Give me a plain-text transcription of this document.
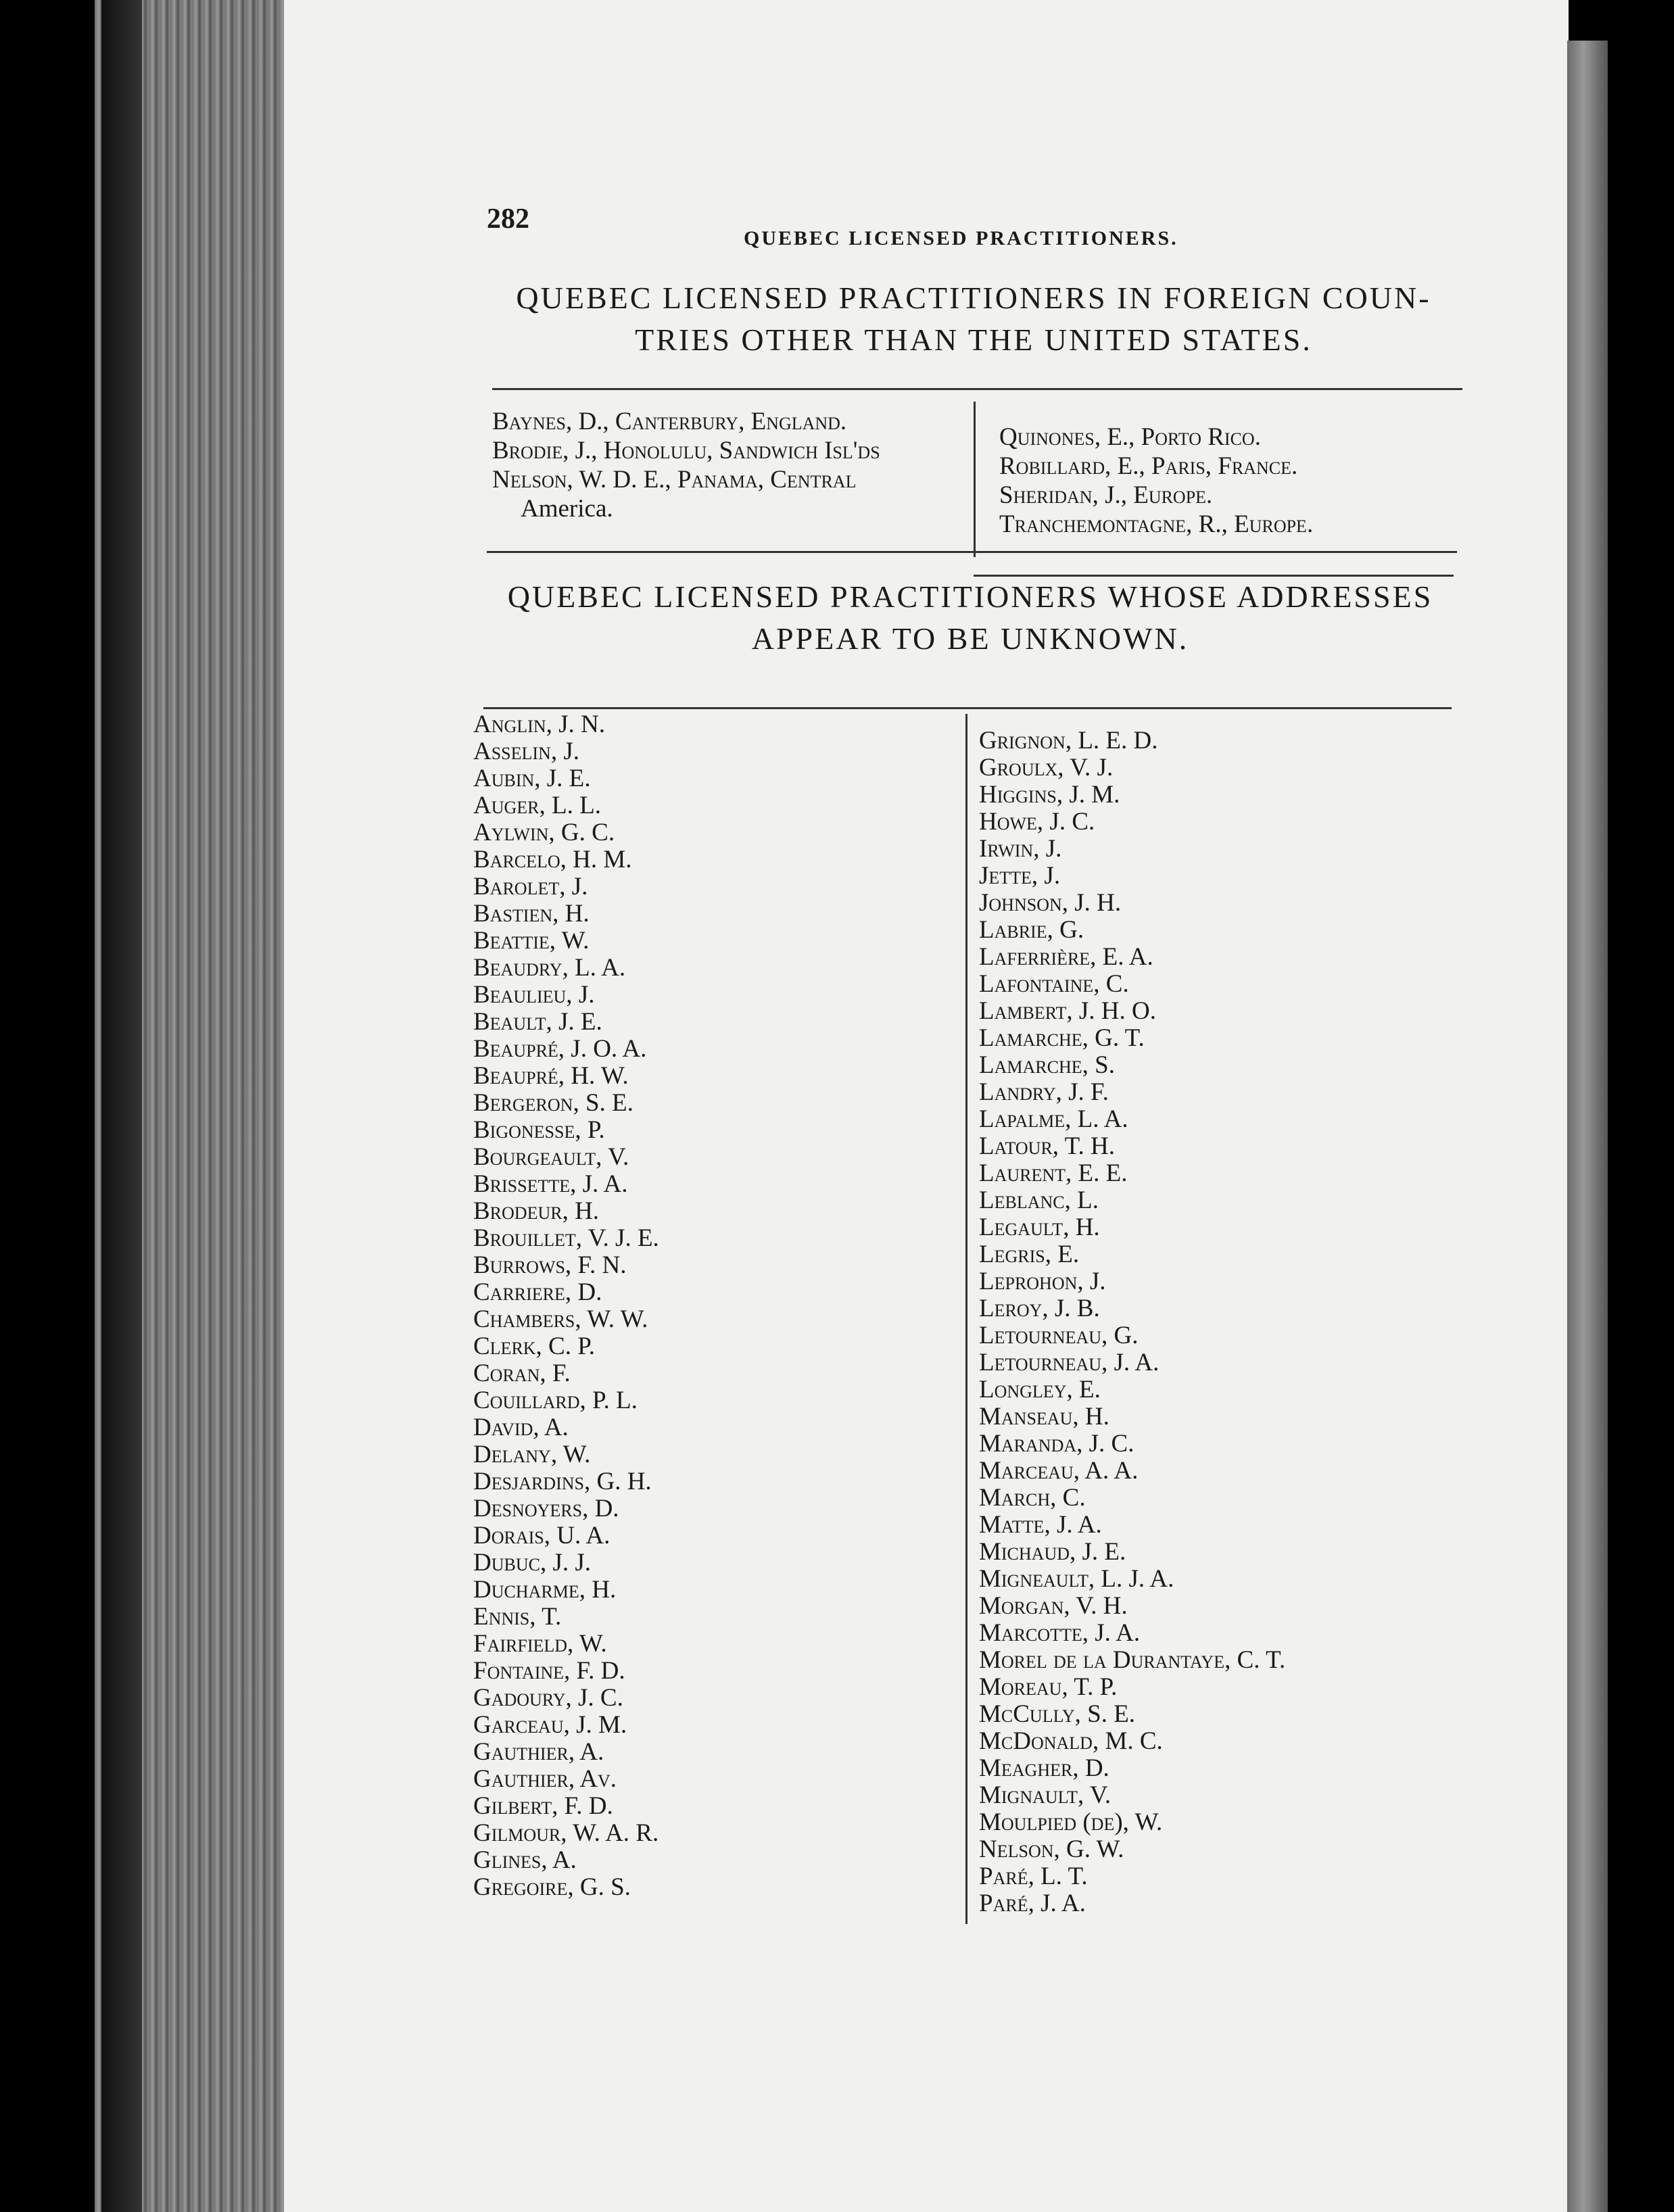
282
QUEBEC LICENSED PRACTITIONERS.
QUEBEC LICENSED PRACTITIONERS IN FOREIGN COUN-
TRIES OTHER THAN THE UNITED STATES.
Baynes, D., Canterbury, England.
Brodie, J., Honolulu, Sandwich Isl'ds
Nelson, W. D. E., Panama, Central
America.
Quinones, E., Porto Rico.
Robillard, E., Paris, France.
Sheridan, J., Europe.
Tranchemontagne, R., Europe.
QUEBEC LICENSED PRACTITIONERS WHOSE ADDRESSES
APPEAR TO BE UNKNOWN.
Anglin, J. N.
Asselin, J.
Aubin, J. E.
Auger, L. L.
Aylwin, G. C.
Barcelo, H. M.
Barolet, J.
Bastien, H.
Beattie, W.
Beaudry, L. A.
Beaulieu, J.
Beault, J. E.
Beaupré, J. O. A.
Beaupré, H. W.
Bergeron, S. E.
Bigonesse, P.
Bourgeault, V.
Brissette, J. A.
Brodeur, H.
Brouillet, V. J. E.
Burrows, F. N.
Carriere, D.
Chambers, W. W.
Clerk, C. P.
Coran, F.
Couillard, P. L.
David, A.
Delany, W.
Desjardins, G. H.
Desnoyers, D.
Dorais, U. A.
Dubuc, J. J.
Ducharme, H.
Ennis, T.
Fairfield, W.
Fontaine, F. D.
Gadoury, J. C.
Garceau, J. M.
Gauthier, A.
Gauthier, Av.
Gilbert, F. D.
Gilmour, W. A. R.
Glines, A.
Gregoire, G. S.
Grignon, L. E. D.
Groulx, V. J.
Higgins, J. M.
Howe, J. C.
Irwin, J.
Jette, J.
Johnson, J. H.
Labrie, G.
Laferrière, E. A.
Lafontaine, C.
Lambert, J. H. O.
Lamarche, G. T.
Lamarche, S.
Landry, J. F.
Lapalme, L. A.
Latour, T. H.
Laurent, E. E.
Leblanc, L.
Legault, H.
Legris, E.
Leprohon, J.
Leroy, J. B.
Letourneau, G.
Letourneau, J. A.
Longley, E.
Manseau, H.
Maranda, J. C.
Marceau, A. A.
March, C.
Matte, J. A.
Michaud, J. E.
Migneault, L. J. A.
Morgan, V. H.
Marcotte, J. A.
Morel de la Durantaye, C. T.
Moreau, T. P.
McCully, S. E.
McDonald, M. C.
Meagher, D.
Mignault, V.
Moulpied (de), W.
Nelson, G. W.
Paré, L. T.
Paré, J. A.
